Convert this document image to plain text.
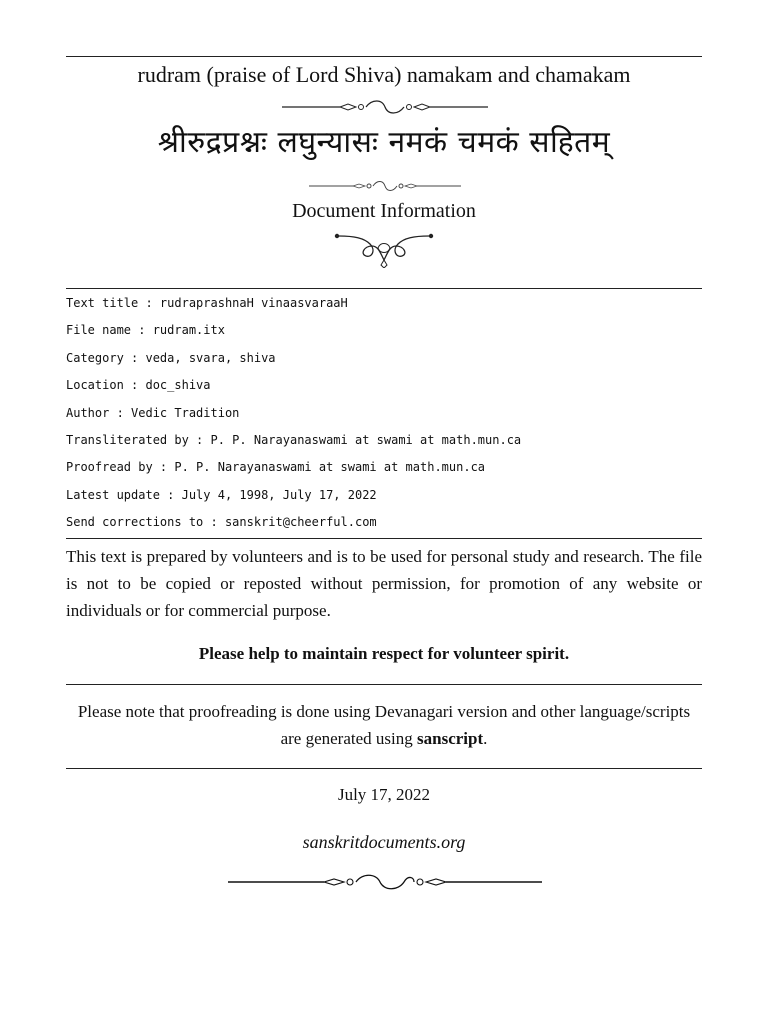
rudram (praise of Lord Shiva) namakam and chamakam
श्रीरुद्रप्रश्नः लघुन्यासः नमकं चमकं सहितम्
Document Information
Text title : rudraprashnaH vinaasvaraaH
File name : rudram.itx
Category : veda, svara, shiva
Location : doc_shiva
Author : Vedic Tradition
Transliterated by : P. P. Narayanaswami at swami at math.mun.ca
Proofread by : P. P. Narayanaswami at swami at math.mun.ca
Latest update : July 4, 1998, July 17, 2022
Send corrections to : sanskrit@cheerful.com
This text is prepared by volunteers and is to be used for personal study and research. The file is not to be copied or reposted without permission, for promotion of any website or individuals or for commercial purpose.
Please help to maintain respect for volunteer spirit.
Please note that proofreading is done using Devanagari version and other language/scripts are generated using sanscript.
July 17, 2022
sanskritdocuments.org
